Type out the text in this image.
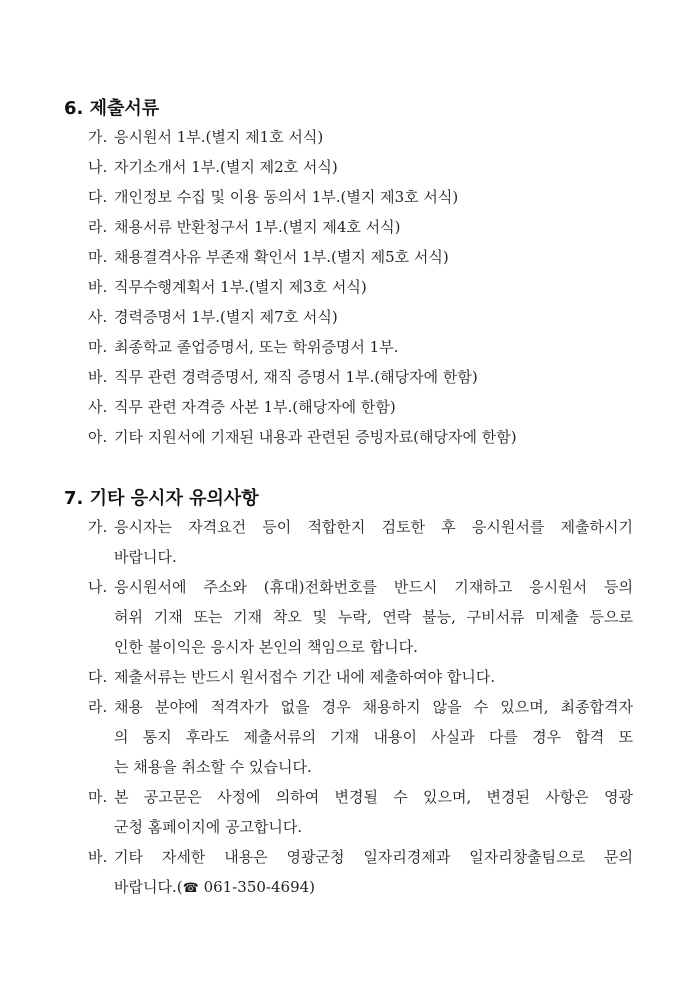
6. 제출서류
가. 응시원서 1부.(별지 제1호 서식)
나. 자기소개서 1부.(별지 제2호 서식)
다. 개인정보 수집 및 이용 동의서 1부.(별지 제3호 서식)
라. 채용서류 반환청구서 1부.(별지 제4호 서식)
마. 채용결격사유 부존재 확인서 1부.(별지 제5호 서식)
바. 직무수행계획서 1부.(별지 제3호 서식)
사. 경력증명서 1부.(별지 제7호 서식)
마. 최종학교 졸업증명서, 또는 학위증명서 1부.
바. 직무 관련 경력증명서, 재직 증명서 1부.(해당자에 한함)
사. 직무 관련 자격증 사본 1부.(해당자에 한함)
아. 기타 지원서에 기재된 내용과 관련된 증빙자료(해당자에 한함)
7. 기타 응시자 유의사항
가. 응시자는 자격요건 등이 적합한지 검토한 후 응시원서를 제출하시기
바랍니다.
나. 응시원서에 주소와 (휴대)전화번호를 반드시 기재하고 응시원서 등의
허위 기재 또는 기재 착오 및 누락, 연락 불능, 구비서류 미제출 등으로
인한 불이익은 응시자 본인의 책임으로 합니다.
다. 제출서류는 반드시 원서접수 기간 내에 제출하여야 합니다.
라. 채용 분야에 적격자가 없을 경우 채용하지 않을 수 있으며, 최종합격자
의 통지 후라도 제출서류의 기재 내용이 사실과 다를 경우 합격 또
는 채용을 취소할 수 있습니다.
마. 본 공고문은 사정에 의하여 변경될 수 있으며, 변경된 사항은 영광
군청 홈페이지에 공고합니다.
바. 기타 자세한 내용은 영광군청 일자리경제과 일자리창출팀으로 문의
바랍니다.(☎ 061-350-4694)
